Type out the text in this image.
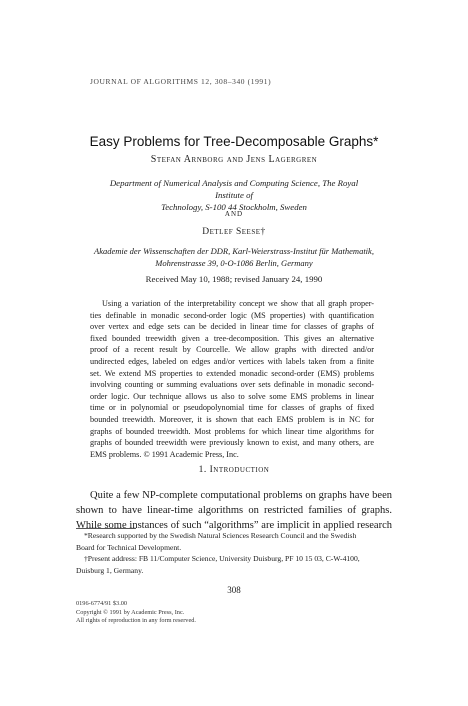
JOURNAL OF ALGORITHMS 12, 308–340 (1991)
Easy Problems for Tree-Decomposable Graphs*
Stefan Arnborg and Jens Lagergren
Department of Numerical Analysis and Computing Science, The Royal Institute of
Technology, S-100 44 Stockholm, Sweden
AND
Detlef Seese†
Akademie der Wissenschaften der DDR, Karl-Weierstrass-Institut für Mathematik,
Mohrenstrasse 39, 0-O-1086 Berlin, Germany
Received May 10, 1988; revised January 24, 1990
Using a variation of the interpretability concept we show that all graph proper-
ties definable in monadic second-order logic (MS properties) with quantification
over vertex and edge sets can be decided in linear time for classes of graphs of
fixed bounded treewidth given a tree-decomposition. This gives an alternative
proof of a recent result by Courcelle. We allow graphs with directed and/or
undirected edges, labeled on edges and/or vertices with labels taken from a finite
set. We extend MS properties to extended monadic second-order (EMS) problems
involving counting or summing evaluations over sets definable in monadic second-
order logic. Our technique allows us also to solve some EMS problems in linear
time or in polynomial or pseudopolynomial time for classes of graphs of fixed
bounded treewidth. Moreover, it is shown that each EMS problem is in NC for
graphs of bounded treewidth. Most problems for which linear time algorithms for
graphs of bounded treewidth were previously known to exist, and many others, are
EMS problems. © 1991 Academic Press, Inc.
1. Introduction
Quite a few NP-complete computational problems on graphs have been
shown to have linear-time algorithms on restricted families of graphs.
While some instances of such “algorithms” are implicit in applied research
*Research supported by the Swedish Natural Sciences Research Council and the Swedish
Board for Technical Development.
†Present address: FB 11/Computer Science, University Duisburg, PF 10 15 03, C-W-4100,
Duisburg 1, Germany.
308
0196-6774/91 $3.00
Copyright © 1991 by Academic Press, Inc.
All rights of reproduction in any form reserved.
